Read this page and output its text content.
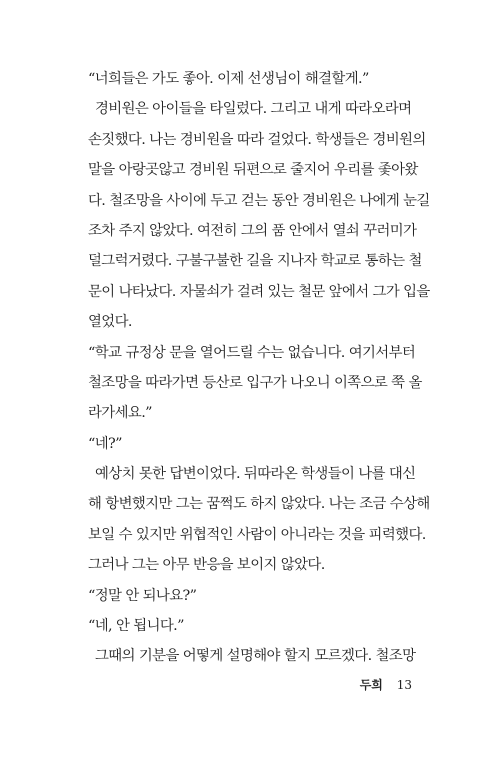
“너희들은 가도 좋아. 이제 선생님이 해결할게.”
경비원은 아이들을 타일렀다. 그리고 내게 따라오라며
손짓했다. 나는 경비원을 따라 걸었다. 학생들은 경비원의
말을 아랑곳않고 경비원 뒤편으로 줄지어 우리를 좇아왔
다. 철조망을 사이에 두고 걷는 동안 경비원은 나에게 눈길
조차 주지 않았다. 여전히 그의 품 안에서 열쇠 꾸러미가
덜그럭거렸다. 구불구불한 길을 지나자 학교로 통하는 철
문이 나타났다. 자물쇠가 걸려 있는 철문 앞에서 그가 입을
열었다.
“학교 규정상 문을 열어드릴 수는 없습니다. 여기서부터
철조망을 따라가면 등산로 입구가 나오니 이쪽으로 쭉 올
라가세요.”
“네?”
예상치 못한 답변이었다. 뒤따라온 학생들이 나를 대신
해 항변했지만 그는 꿈쩍도 하지 않았다. 나는 조금 수상해
보일 수 있지만 위협적인 사람이 아니라는 것을 피력했다.
그러나 그는 아무 반응을 보이지 않았다.
“정말 안 되나요?”
“네, 안 됩니다.”
그때의 기분을 어떻게 설명해야 할지 모르겠다. 철조망
두희 13
